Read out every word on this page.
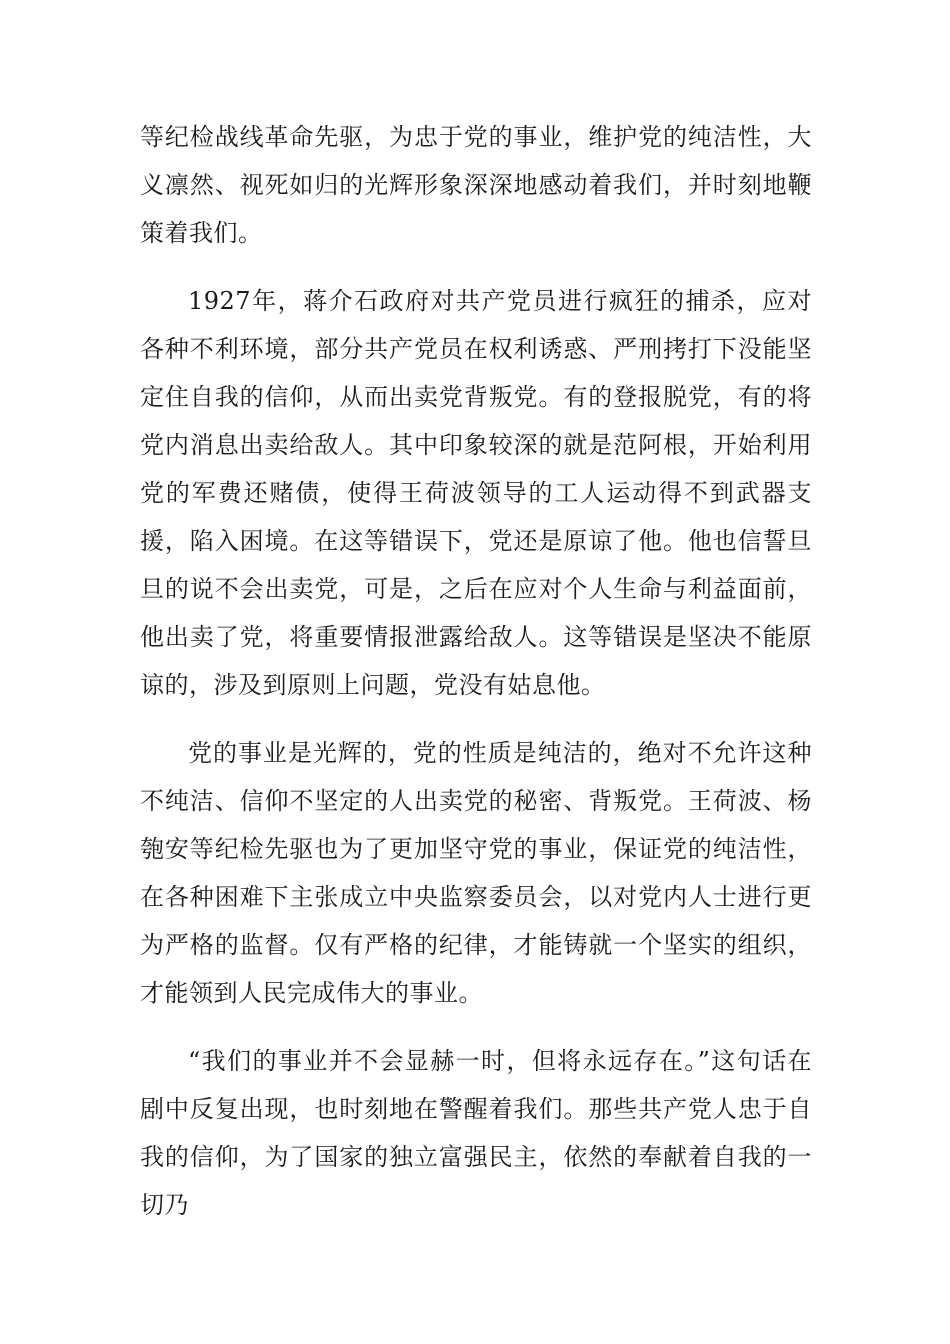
等纪检战线革命先驱，为忠于党的事业，维护党的纯洁性，大义凛然、视死如归的光辉形象深深地感动着我们，并时刻地鞭策着我们。

1927年，蒋介石政府对共产党员进行疯狂的捕杀，应对各种不利环境，部分共产党员在权利诱惑、严刑拷打下没能坚定住自我的信仰，从而出卖党背叛党。有的登报脱党，有的将党内消息出卖给敌人。其中印象较深的就是范阿根，开始利用党的军费还赌债，使得王荷波领导的工人运动得不到武器支援，陷入困境。在这等错误下，党还是原谅了他。他也信誓旦旦的说不会出卖党，可是，之后在应对个人生命与利益面前，他出卖了党，将重要情报泄露给敌人。这等错误是坚决不能原谅的，涉及到原则上问题，党没有姑息他。

党的事业是光辉的，党的性质是纯洁的，绝对不允许这种不纯洁、信仰不坚定的人出卖党的秘密、背叛党。王荷波、杨匏安等纪检先驱也为了更加坚守党的事业，保证党的纯洁性，在各种困难下主张成立中央监察委员会，以对党内人士进行更为严格的监督。仅有严格的纪律，才能铸就一个坚实的组织，才能领到人民完成伟大的事业。

“我们的事业并不会显赫一时，但将永远存在。”这句话在剧中反复出现，也时刻地在警醒着我们。那些共产党人忠于自我的信仰，为了国家的独立富强民主，依然的奉献着自我的一切乃
